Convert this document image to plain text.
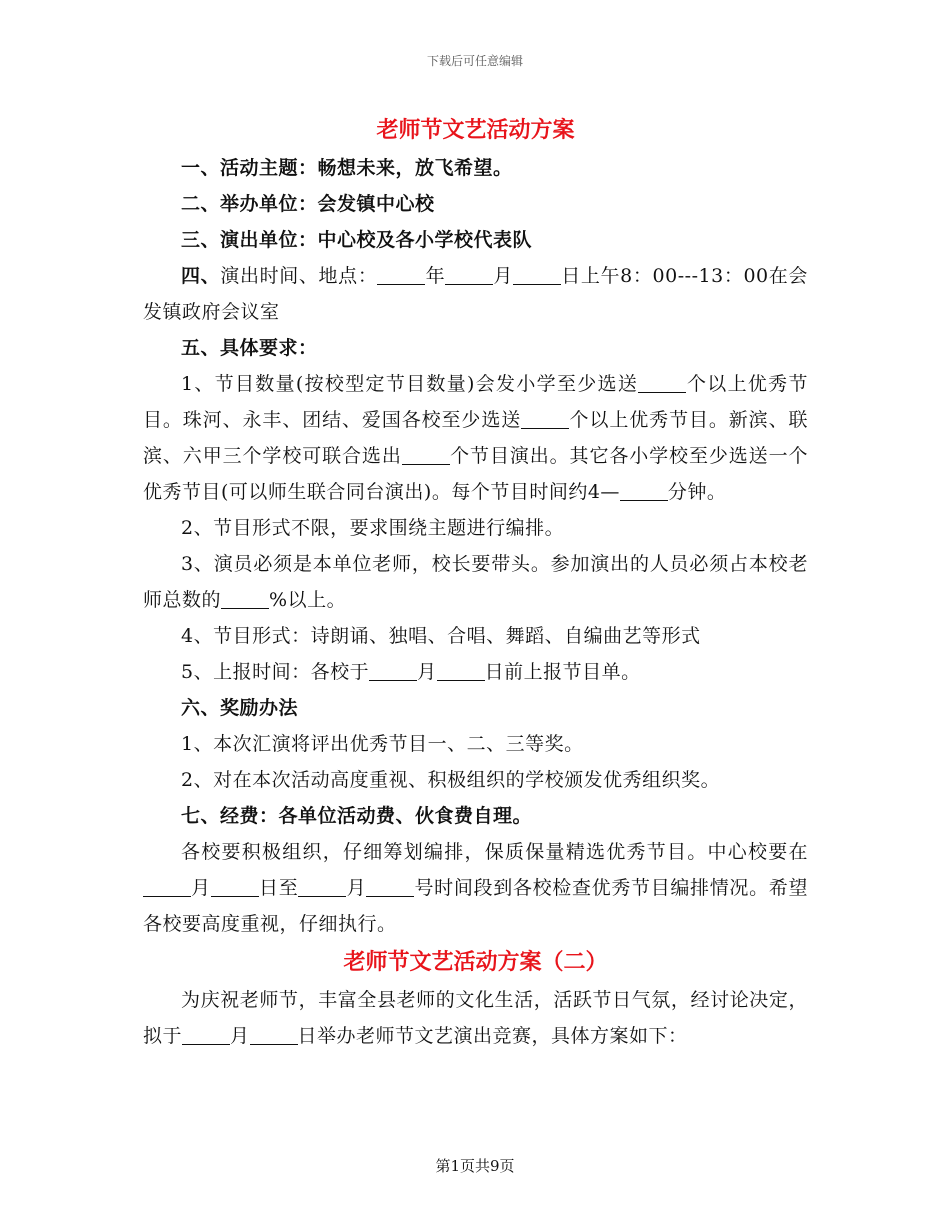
下载后可任意编辑
老师节文艺活动方案

一、活动主题：畅想未来，放飞希望。

二、举办单位：会发镇中心校

三、演出单位：中心校及各小学校代表队

四、演出时间、地点：	年	月	日上午8：00---13：00在会发镇政府会议室

五、具体要求：

1、节目数量(按校型定节目数量)会发小学至少选送	个以上优秀节目。珠河、永丰、团结、爱国各校至少选送	个以上优秀节目。新滨、联滨、六甲三个学校可联合选出	个节目演出。其它各小学校至少选送一个优秀节目(可以师生联合同台演出)。每个节目时间约4—	分钟。

2、节目形式不限，要求围绕主题进行编排。

3、演员必须是本单位老师，校长要带头。参加演出的人员必须占本校老师总数的	%以上。

4、节目形式：诗朗诵、独唱、合唱、舞蹈、自编曲艺等形式

5、上报时间：各校于	月	日前上报节目单。

六、奖励办法

1、本次汇演将评出优秀节目一、二、三等奖。

2、对在本次活动高度重视、积极组织的学校颁发优秀组织奖。

七、经费：各单位活动费、伙食费自理。

各校要积极组织，仔细筹划编排，保质保量精选优秀节目。中心校要在月	日至	月	号时间段到各校检查优秀节目编排情况。希望各校要高度重视，仔细执行。

老师节文艺活动方案（二）

为庆祝老师节，丰富全县老师的文化生活，活跃节日气氛，经讨论决定，拟于	月	日举办老师节文艺演出竞赛，具体方案如下：

第1页共9页
